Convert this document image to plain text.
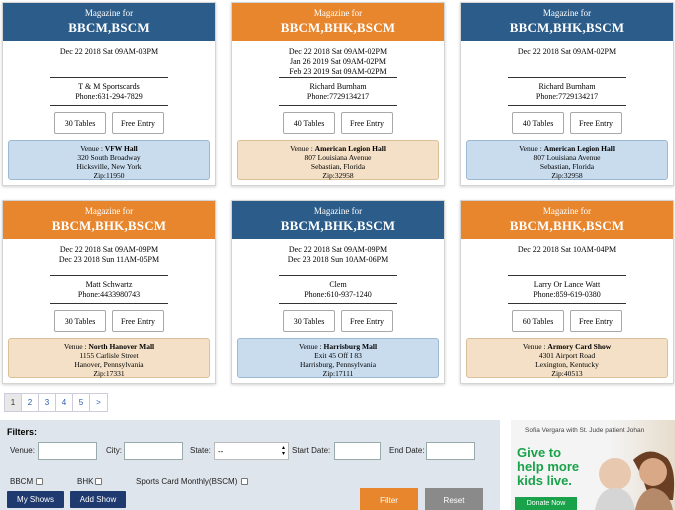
Magazine for
BBCM,BSCM
Dec 22 2018 Sat 09AM-03PM
T & M Sportscards
Phone:631-294-7829
30 Tables	Free Entry
Venue : VFW Hall
320 South Broadway
Hicksville, New York
Zip:11950
Magazine for
BBCM,BHK,BSCM
Dec 22 2018 Sat 09AM-02PM
Jan 26 2019 Sat 09AM-02PM
Feb 23 2019 Sat 09AM-02PM
Richard Burnham
Phone:7729134217
40 Tables	Free Entry
Venue : American Legion Hall
807 Louisiana Avenue
Sebastian, Florida
Zip:32958
Magazine for
BBCM,BHK,BSCM
Dec 22 2018 Sat 09AM-02PM
Richard Burnham
Phone:7729134217
40 Tables	Free Entry
Venue : American Legion Hall
807 Louisiana Avenue
Sebastian, Florida
Zip:32958
Magazine for
BBCM,BHK,BSCM
Dec 22 2018 Sat 09AM-09PM
Dec 23 2018 Sun 11AM-05PM
Matt Schwartz
Phone:4433980743
30 Tables	Free Entry
Venue : North Hanover Mall
1155 Carlisle Street
Hanover, Pennsylvania
Zip:17331
Magazine for
BBCM,BHK,BSCM
Dec 22 2018 Sat 09AM-09PM
Dec 23 2018 Sun 10AM-06PM
Clem
Phone:610-937-1240
30 Tables	Free Entry
Venue : Harrisburg Mall
Exit 45 Off I 83
Harrisburg, Pennsylvania
Zip:17111
Magazine for
BBCM,BHK,BSCM
Dec 22 2018 Sat 10AM-04PM
Larry Or Lance Watt
Phone:859-619-0380
60 Tables	Free Entry
Venue : Armory Card Show
4301 Airport Road
Lexington, Kentucky
Zip:40513
1	2	3	4	5	>
Filters:
Venue:	City:	State: --	▴
▾ Start Date:	End Date:
BBCM	BHK	Sports Card Monthly(BSCM)
My Shows	Add Show	Filter	Reset
Sofia Vergara with St. Jude patient Johan
Give to
help more
kids live.
Donate Now
